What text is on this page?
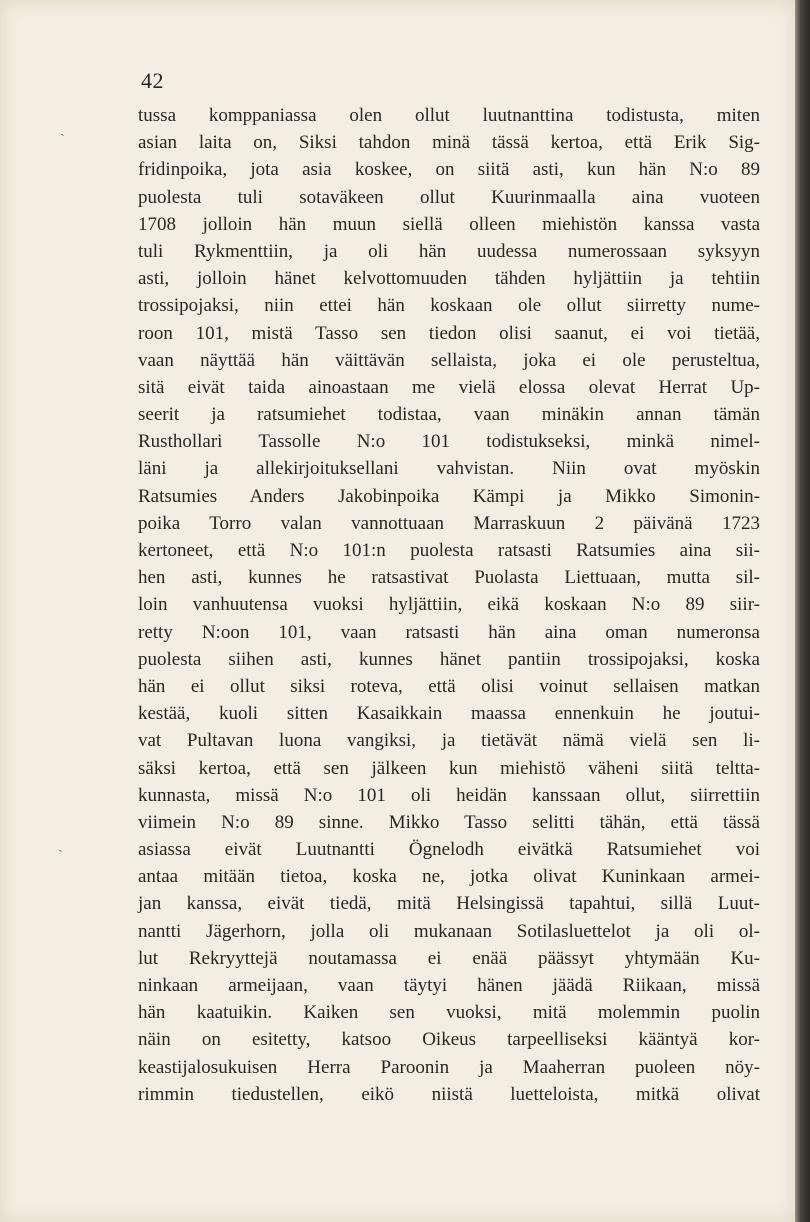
42
ˏ
ˏ
tussa komppaniassa olen ollut luutnanttina todistusta, miten
asian laita on, Siksi tahdon minä tässä kertoa, että Erik Sig-
fridinpoika, jota asia koskee, on siitä asti, kun hän N:o 89
puolesta tuli sotaväkeen ollut Kuurinmaalla aina vuoteen
1708 jolloin hän muun siellä olleen miehistön kanssa vasta
tuli Rykmenttiin, ja oli hän uudessa numerossaan syksyyn
asti, jolloin hänet kelvottomuuden tähden hyljättiin ja tehtiin
trossipojaksi, niin ettei hän koskaan ole ollut siirretty nume-
roon 101, mistä Tasso sen tiedon olisi saanut, ei voi tietää,
vaan näyttää hän väittävän sellaista, joka ei ole perusteltua,
sitä eivät taida ainoastaan me vielä elossa olevat Herrat Up-
seerit ja ratsumiehet todistaa, vaan minäkin annan tämän
Rusthollari Tassolle N:o 101 todistukseksi, minkä nimel-
läni ja allekirjoituksellani vahvistan. Niin ovat myöskin
Ratsumies Anders Jakobinpoika Kämpi ja Mikko Simonin-
poika Torro valan vannottuaan Marraskuun 2 päivänä 1723
kertoneet, että N:o 101:n puolesta ratsasti Ratsumies aina sii-
hen asti, kunnes he ratsastivat Puolasta Liettuaan, mutta sil-
loin vanhuutensa vuoksi hyljättiin, eikä koskaan N:o 89 siir-
retty N:oon 101, vaan ratsasti hän aina oman numeronsa
puolesta siihen asti, kunnes hänet pantiin trossipojaksi, koska
hän ei ollut siksi roteva, että olisi voinut sellaisen matkan
kestää, kuoli sitten Kasaikkain maassa ennenkuin he joutui-
vat Pultavan luona vangiksi, ja tietävät nämä vielä sen li-
säksi kertoa, että sen jälkeen kun miehistö väheni siitä teltta-
kunnasta, missä N:o 101 oli heidän kanssaan ollut, siirrettiin
viimein N:o 89 sinne. Mikko Tasso selitti tähän, että tässä
asiassa eivät Luutnantti Ögnelodh eivätkä Ratsumiehet voi
antaa mitään tietoa, koska ne, jotka olivat Kuninkaan armei-
jan kanssa, eivät tiedä, mitä Helsingissä tapahtui, sillä Luut-
nantti Jägerhorn, jolla oli mukanaan Sotilasluettelot ja oli ol-
lut Rekryyttejä noutamassa ei enää päässyt yhtymään Ku-
ninkaan armeijaan, vaan täytyi hänen jäädä Riikaan, missä
hän kaatuikin. Kaiken sen vuoksi, mitä molemmin puolin
näin on esitetty, katsoo Oikeus tarpeelliseksi kääntyä kor-
keastijalosukuisen Herra Paroonin ja Maaherran puoleen nöy-
rimmin tiedustellen, eikö niistä luetteloista, mitkä olivat
